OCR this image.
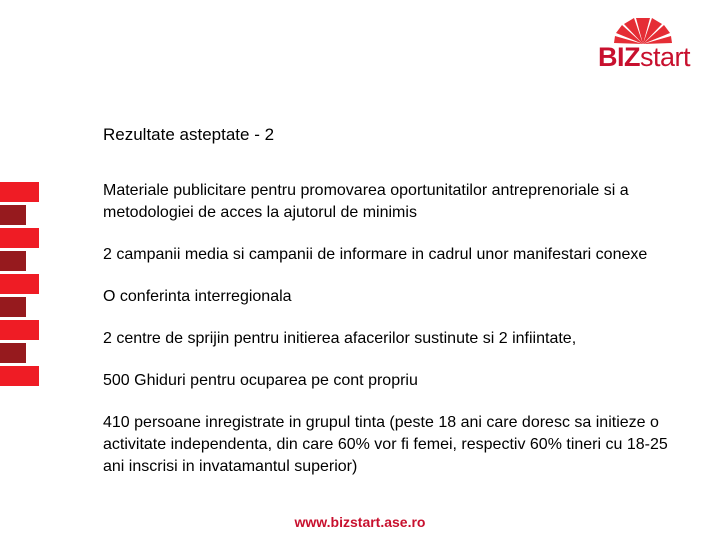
BIZstart
Rezultate asteptate - 2

Materiale publicitare pentru promovarea oportunitatilor antreprenoriale si a metodologiei de acces la ajutorul de minimis

2 campanii media si campanii de informare in cadrul unor manifestari conexe

O conferinta interregionala

2 centre de sprijin pentru initierea afacerilor sustinute si 2 infiintate,

500 Ghiduri pentru ocuparea pe cont propriu

410 persoane inregistrate in grupul tinta (peste 18 ani care doresc sa initieze o activitate independenta, din care 60% vor fi femei, respectiv 60% tineri cu 18-25 ani inscrisi in invatamantul superior)

www.bizstart.ase.ro
